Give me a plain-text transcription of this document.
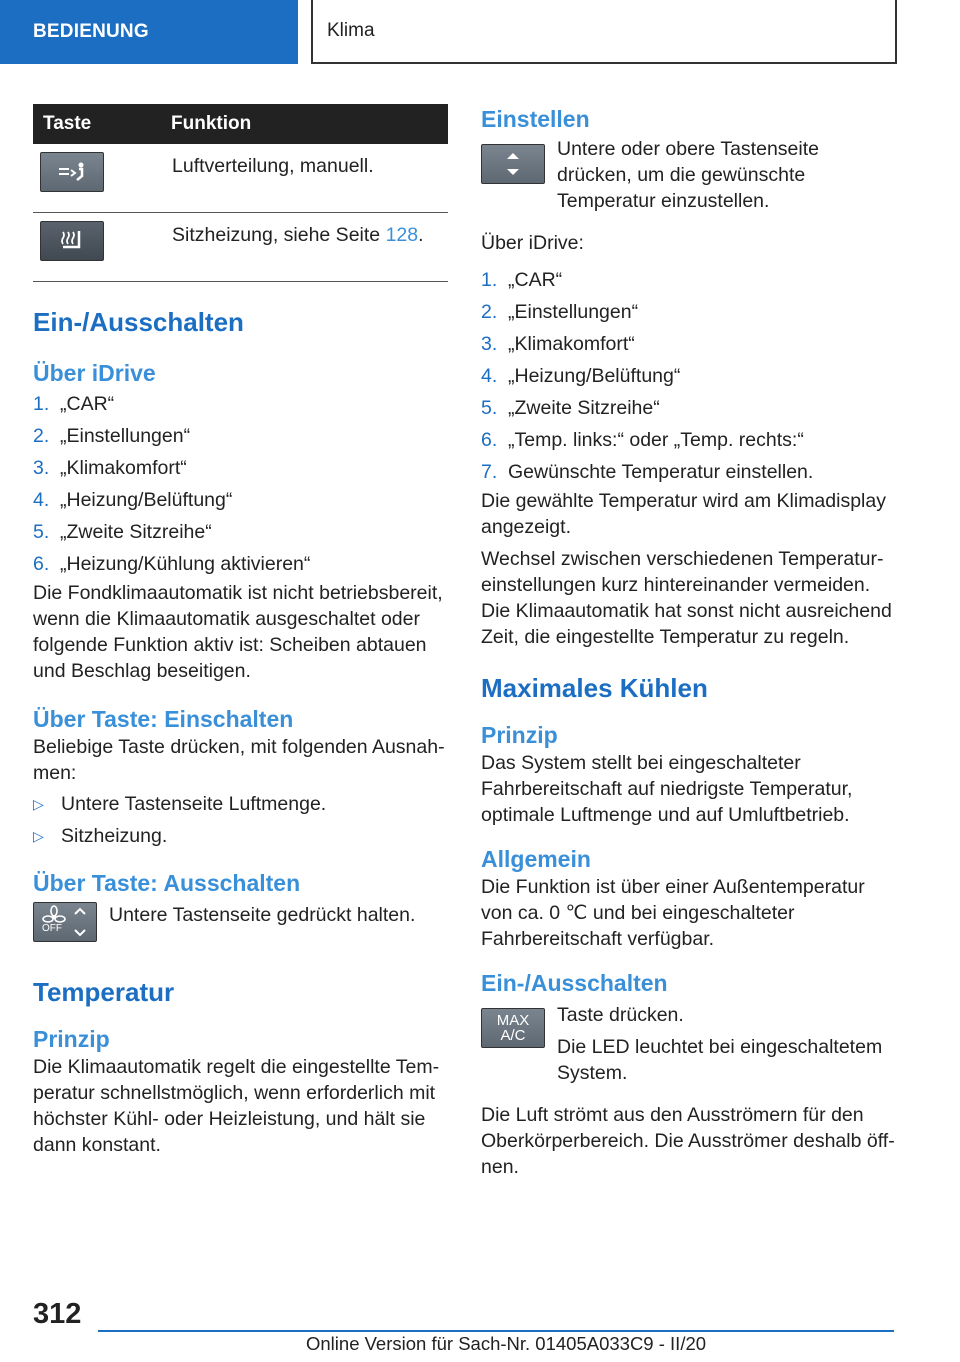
BEDIENUNG	Klima
Taste	Funktion

	Luftverteilung, manuell.

	Sitzheizung, siehe Seite 128.
Ein-/Ausschalten
Über iDrive
1. „CAR“
2. „Einstellungen“
3. „Klimakomfort“
4. „Heizung/Belüftung“
5. „Zweite Sitzreihe“
6. „Heizung/Kühlung aktivieren“

Die Fondklimaautomatik ist nicht betriebsbereit, wenn die Klimaautomatik ausgeschaltet oder folgende Funktion aktiv ist: Scheiben abtauen und Beschlag beseitigen.

Über Taste: Einschalten

Beliebige Taste drücken, mit folgenden Ausnahmen:

▷ Untere Tastenseite Luftmenge.
▷ Sitzheizung.
Über Taste: Ausschalten
OFF

Untere Tastenseite gedrückt halten.

Temperatur
Prinzip

Die Klimaautomatik regelt die eingestellte Temperatur schnellstmöglich, wenn erforderlich mit höchster Kühl- oder Heizleistung, und hält sie dann konstant.

Einstellen

Untere oder obere Tastenseite drücken, um die gewünschte Temperatur einzustellen.

Über iDrive:

1. „CAR“
2. „Einstellungen“
3. „Klimakomfort“
4. „Heizung/Belüftung“
5. „Zweite Sitzreihe“
6. „Temp. links:“ oder „Temp. rechts:“
7. Gewünschte Temperatur einstellen.

Die gewählte Temperatur wird am Klimadisplay angezeigt.

Wechsel zwischen verschiedenen Temperatureinstellungen kurz hintereinander vermeiden. Die Klimaautomatik hat sonst nicht ausreichend Zeit, die eingestellte Temperatur zu regeln.

Maximales Kühlen
Prinzip

Das System stellt bei eingeschalteter Fahrbereitschaft auf niedrigste Temperatur, optimale Luftmenge und auf Umluftbetrieb.

Allgemein

Die Funktion ist über einer Außentemperatur von ca. 0 ℃ und bei eingeschalteter Fahrbereitschaft verfügbar.

Ein-/Ausschalten
MAX
A/C

Taste drücken.

Die LED leuchtet bei eingeschaltetem System.

Die Luft strömt aus den Ausströmern für den Oberkörperbereich. Die Ausströmer deshalb öffnen.

312
Online Version für Sach-Nr. 01405A033C9 - II/20
